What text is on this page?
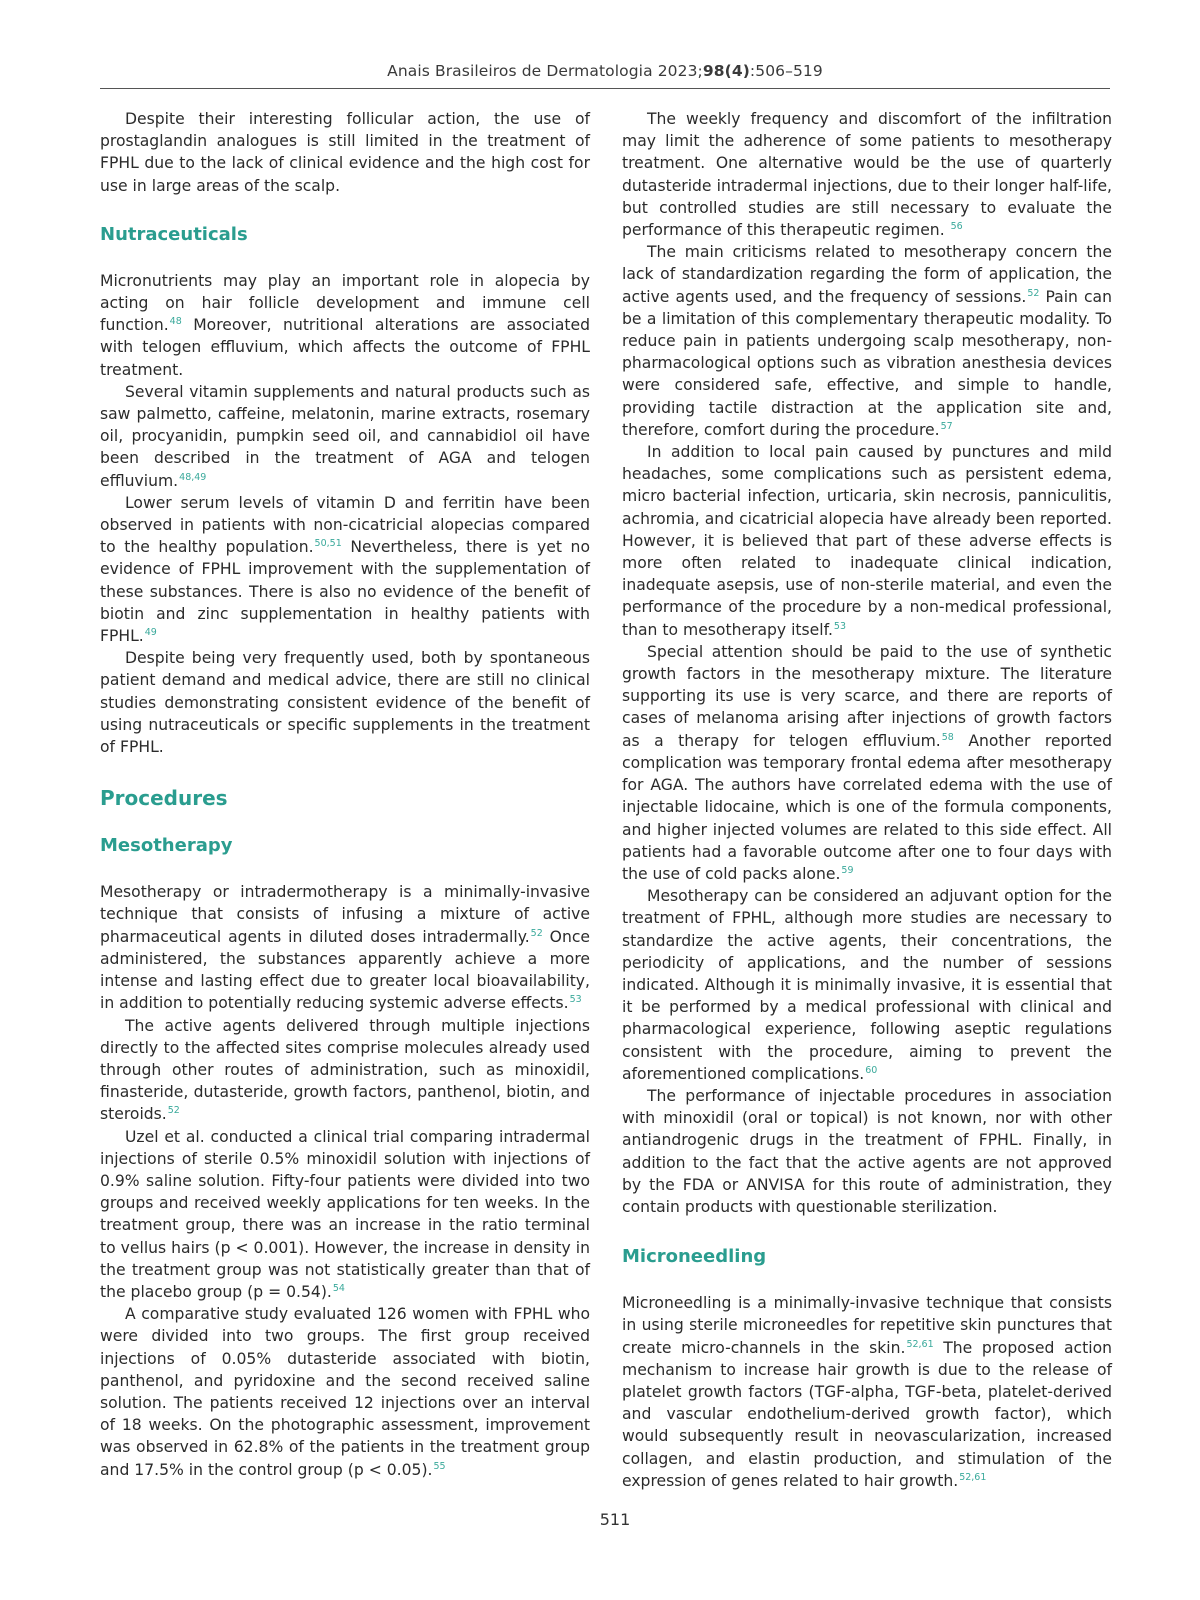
Anais Brasileiros de Dermatologia 2023;98(4):506–519

Despite their interesting follicular action, the use of prostaglandin analogues is still limited in the treatment of FPHL due to the lack of clinical evidence and the high cost for use in large areas of the scalp.

Nutraceuticals

Micronutrients may play an important role in alopecia by acting on hair follicle development and immune cell function.$^{48}$ Moreover, nutritional alterations are associated with telogen effluvium, which affects the outcome of FPHL treatment.

Several vitamin supplements and natural products such as saw palmetto, caffeine, melatonin, marine extracts, rosemary oil, procyanidin, pumpkin seed oil, and cannabidiol oil have been described in the treatment of AGA and telogen effluvium.$^{48,49}$

Lower serum levels of vitamin D and ferritin have been observed in patients with non-cicatricial alopecias compared to the healthy population.$^{50,51}$ Nevertheless, there is yet no evidence of FPHL improvement with the supplementation of these substances. There is also no evidence of the benefit of biotin and zinc supplementation in healthy patients with FPHL.$^{49}$

Despite being very frequently used, both by spontaneous patient demand and medical advice, there are still no clinical studies demonstrating consistent evidence of the benefit of using nutraceuticals or specific supplements in the treatment of FPHL.

Procedures
Mesotherapy

Mesotherapy or intradermotherapy is a minimally-invasive technique that consists of infusing a mixture of active pharmaceutical agents in diluted doses intradermally.$^{52}$ Once administered, the substances apparently achieve a more intense and lasting effect due to greater local bioavailability, in addition to potentially reducing systemic adverse effects.$^{53}$

The active agents delivered through multiple injections directly to the affected sites comprise molecules already used through other routes of administration, such as minoxidil, finasteride, dutasteride, growth factors, panthenol, biotin, and steroids.$^{52}$

Uzel et al. conducted a clinical trial comparing intradermal injections of sterile 0.5% minoxidil solution with injections of 0.9% saline solution. Fifty-four patients were divided into two groups and received weekly applications for ten weeks. In the treatment group, there was an increase in the ratio terminal to vellus hairs (p < 0.001). However, the increase in density in the treatment group was not statistically greater than that of the placebo group (p = 0.54).$^{54}$

A comparative study evaluated 126 women with FPHL who were divided into two groups. The first group received injections of 0.05% dutasteride associated with biotin, panthenol, and pyridoxine and the second received saline solution. The patients received 12 injections over an interval of 18 weeks. On the photographic assessment, improvement was observed in 62.8% of the patients in the treatment group and 17.5% in the control group (p < 0.05).$^{55}$

The weekly frequency and discomfort of the infiltration may limit the adherence of some patients to mesotherapy treatment. One alternative would be the use of quarterly dutasteride intradermal injections, due to their longer half-life, but controlled studies are still necessary to evaluate the performance of this therapeutic regimen. $^{56}$

The main criticisms related to mesotherapy concern the lack of standardization regarding the form of application, the active agents used, and the frequency of sessions.$^{52}$ Pain can be a limitation of this complementary therapeutic modality. To reduce pain in patients undergoing scalp mesotherapy, non-pharmacological options such as vibration anesthesia devices were considered safe, effective, and simple to handle, providing tactile distraction at the application site and, therefore, comfort during the procedure.$^{57}$

In addition to local pain caused by punctures and mild headaches, some complications such as persistent edema, micro bacterial infection, urticaria, skin necrosis, panniculitis, achromia, and cicatricial alopecia have already been reported. However, it is believed that part of these adverse effects is more often related to inadequate clinical indication, inadequate asepsis, use of non-sterile material, and even the performance of the procedure by a non-medical professional, than to mesotherapy itself.$^{53}$

Special attention should be paid to the use of synthetic growth factors in the mesotherapy mixture. The literature supporting its use is very scarce, and there are reports of cases of melanoma arising after injections of growth factors as a therapy for telogen effluvium.$^{58}$ Another reported complication was temporary frontal edema after mesotherapy for AGA. The authors have correlated edema with the use of injectable lidocaine, which is one of the formula components, and higher injected volumes are related to this side effect. All patients had a favorable outcome after one to four days with the use of cold packs alone.$^{59}$

Mesotherapy can be considered an adjuvant option for the treatment of FPHL, although more studies are necessary to standardize the active agents, their concentrations, the periodicity of applications, and the number of sessions indicated. Although it is minimally invasive, it is essential that it be performed by a medical professional with clinical and pharmacological experience, following aseptic regulations consistent with the procedure, aiming to prevent the aforementioned complications.$^{60}$

The performance of injectable procedures in association with minoxidil (oral or topical) is not known, nor with other antiandrogenic drugs in the treatment of FPHL. Finally, in addition to the fact that the active agents are not approved by the FDA or ANVISA for this route of administration, they contain products with questionable sterilization.

Microneedling

Microneedling is a minimally-invasive technique that consists in using sterile microneedles for repetitive skin punctures that create micro-channels in the skin.$^{52,61}$ The proposed action mechanism to increase hair growth is due to the release of platelet growth factors (TGF-alpha, TGF-beta, platelet-derived and vascular endothelium-derived growth factor), which would subsequently result in neovascularization, increased collagen, and elastin production, and stimulation of the expression of genes related to hair growth.$^{52,61}$

511
